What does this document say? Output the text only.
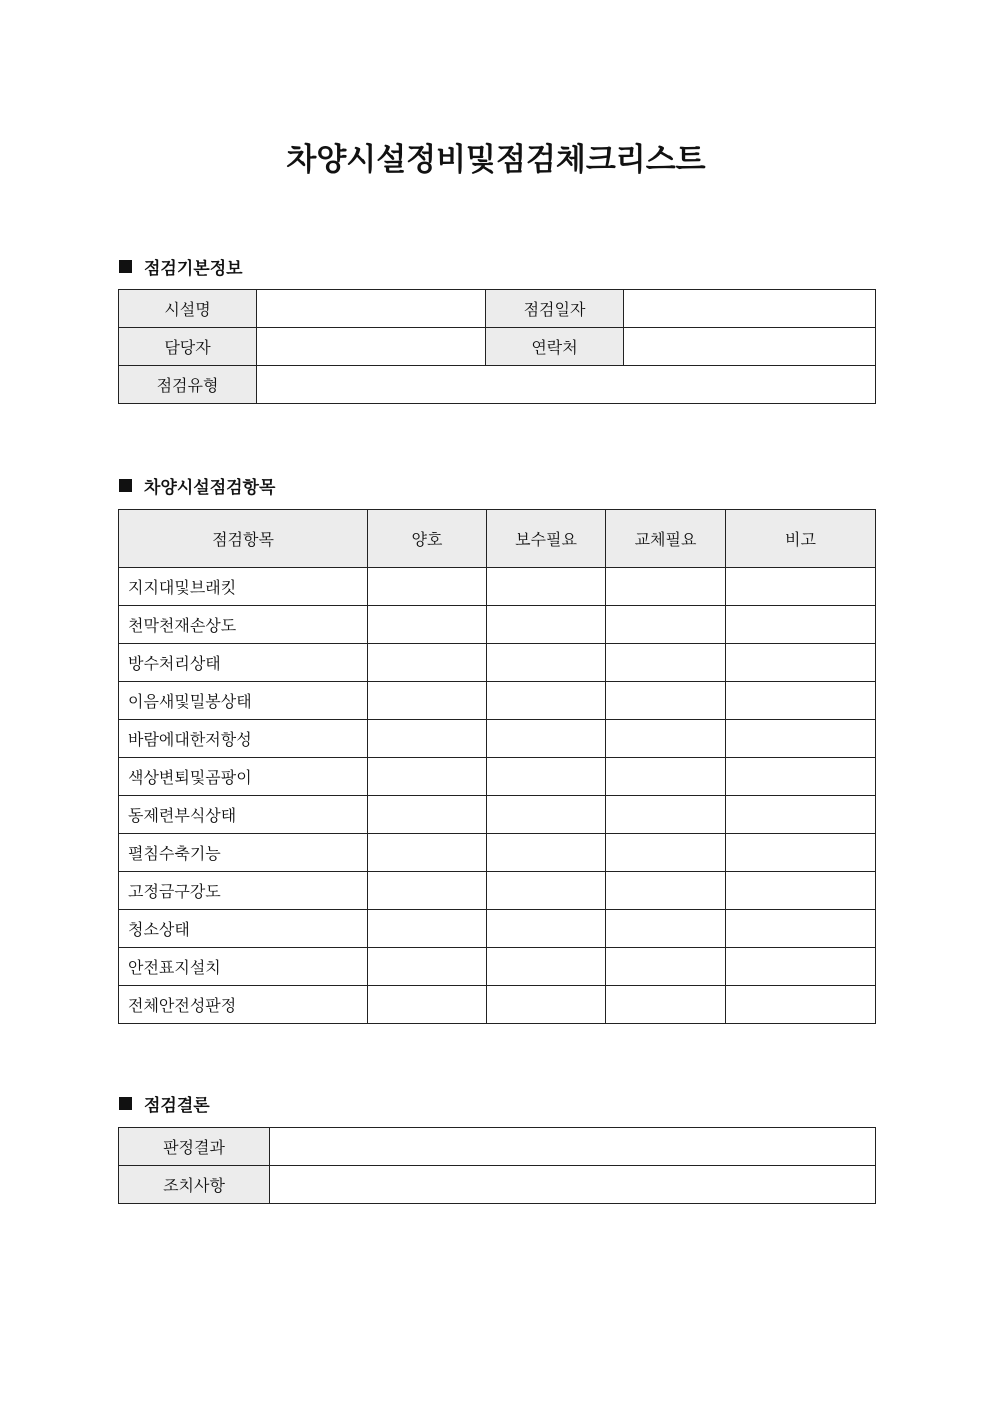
차양시설정비및점검체크리스트
점검기본정보
시설명		점검일자	
담당자		연락처	
점검유형			
차양시설점검항목
점검항목	양호	보수필요	교체필요	비고
지지대및브래킷				
천막천재손상도				
방수처리상태				
이음새및밀봉상태				
바람에대한저항성				
색상변퇴및곰팡이				
동제련부식상태				
펼침수축기능				
고정금구강도				
청소상태				
안전표지설치				
전체안전성판정				
점검결론
판정결과	
조치사항	
